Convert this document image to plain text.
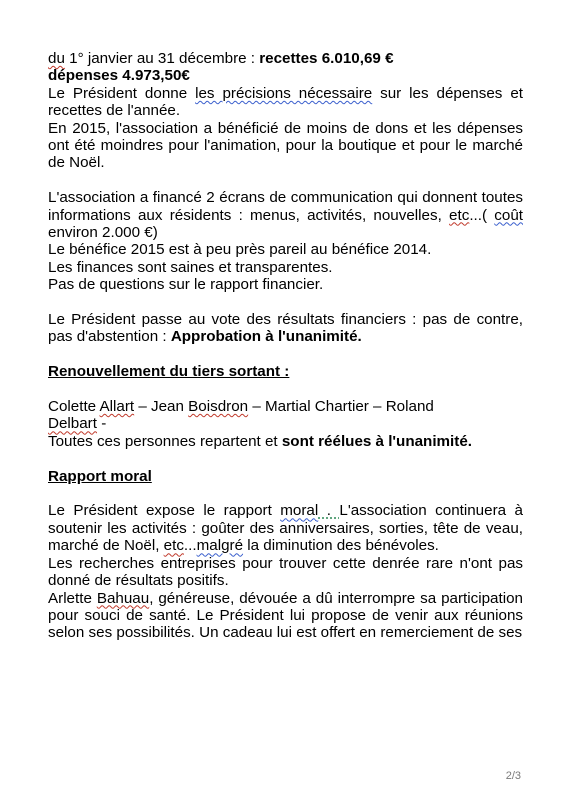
du 1° janvier au 31 décembre : recettes 6.010,69 €

dépenses 4.973,50€

Le Président donne les précisions nécessaire sur les dépenses et recettes de l'année.

En 2015, l'association a bénéficié de moins de dons et les dépenses ont été moindres pour l'animation, pour la boutique et pour le marché de Noël.

L'association a financé 2 écrans de communication qui donnent toutes informations aux résidents : menus, activités, nouvelles, etc...( coût environ 2.000 €)

Le bénéfice 2015 est à peu près pareil au bénéfice 2014.

Les finances sont saines et transparentes.

Pas de questions sur le rapport financier.

Le Président passe au vote des résultats financiers : pas de contre, pas d'abstention : Approbation à l'unanimité.

Renouvellement du tiers sortant :

Colette Allart – Jean Boisdron – Martial Chartier – Roland

Delbart -

Toutes ces personnes repartent et sont réélues à l'unanimité.

Rapport moral

Le Président expose le rapport moral . L'association continuera à soutenir les activités : goûter des anniversaires, sorties, tête de veau, marché de Noël, etc...malgré la diminution des bénévoles.

Les recherches entreprises pour trouver cette denrée rare n'ont pas donné de résultats positifs.

Arlette Bahuau, généreuse, dévouée a dû interrompre sa participation pour souci de santé. Le Président lui propose de venir aux réunions selon ses possibilités. Un cadeau lui est offert en remerciement de ses

2/3
